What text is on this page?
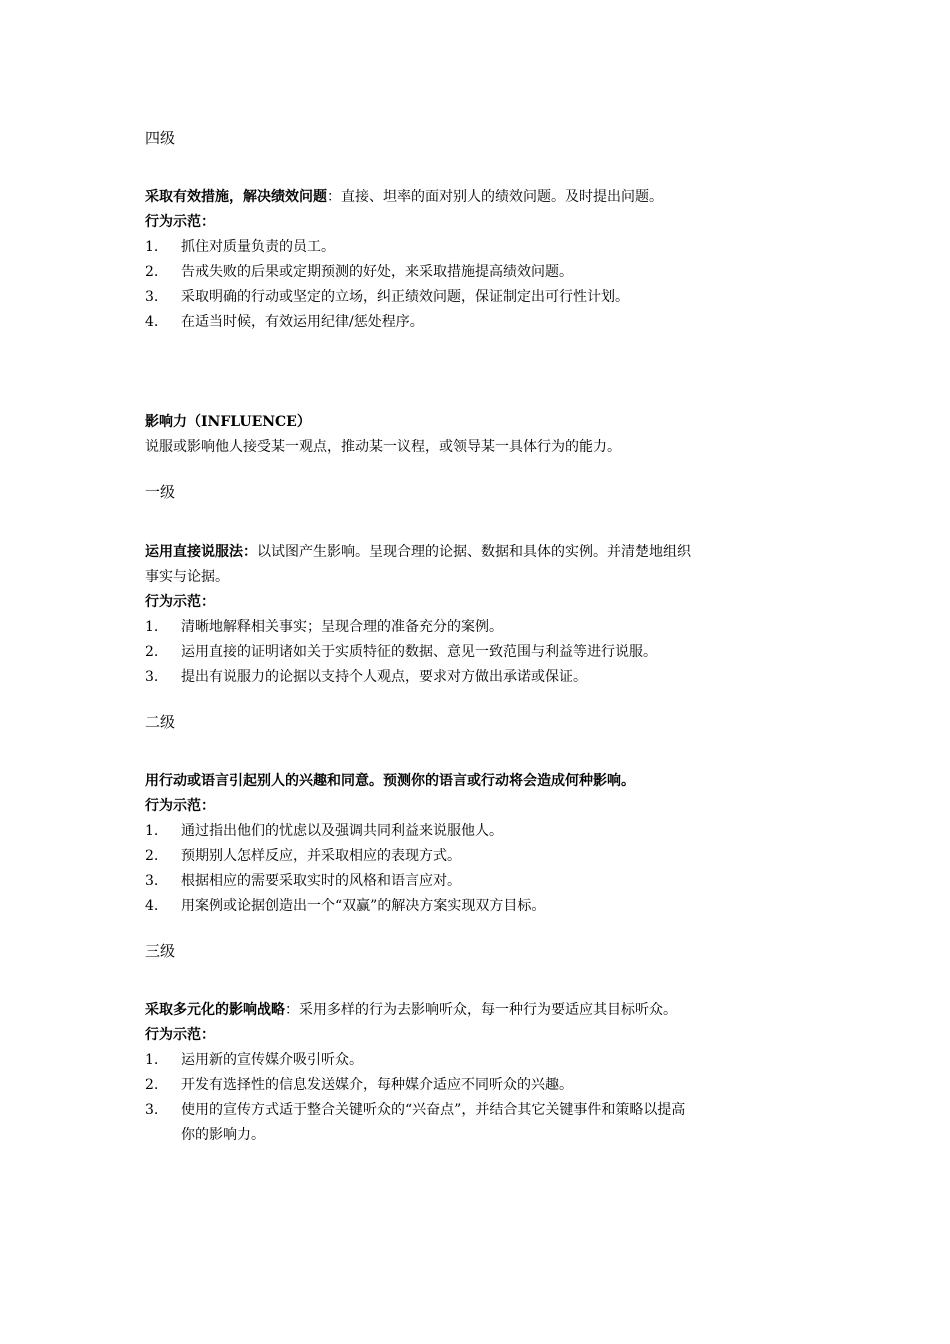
四级
采取有效措施，解决绩效问题：直接、坦率的面对别人的绩效问题。及时提出问题。
行为示范：
1. 抓住对质量负责的员工。
2. 告戒失败的后果或定期预测的好处，来采取措施提高绩效问题。
3. 采取明确的行动或坚定的立场，纠正绩效问题，保证制定出可行性计划。
4. 在适当时候，有效运用纪律/惩处程序。
影响力（INFLUENCE）
说服或影响他人接受某一观点，推动某一议程，或领导某一具体行为的能力。
一级
运用直接说服法：以试图产生影响。呈现合理的论据、数据和具体的实例。并清楚地组织
事实与论据。
行为示范：
1. 清晰地解释相关事实；呈现合理的准备充分的案例。
2. 运用直接的证明诸如关于实质特征的数据、意见一致范围与利益等进行说服。
3. 提出有说服力的论据以支持个人观点，要求对方做出承诺或保证。
二级
用行动或语言引起别人的兴趣和同意。预测你的语言或行动将会造成何种影响。
行为示范：
1. 通过指出他们的忧虑以及强调共同利益来说服他人。
2. 预期别人怎样反应，并采取相应的表现方式。
3. 根据相应的需要采取实时的风格和语言应对。
4. 用案例或论据创造出一个“双赢”的解决方案实现双方目标。
三级
采取多元化的影响战略：采用多样的行为去影响听众，每一种行为要适应其目标听众。
行为示范：
1. 运用新的宣传媒介吸引听众。
2. 开发有选择性的信息发送媒介，每种媒介适应不同听众的兴趣。
3. 使用的宣传方式适于整合关键听众的“兴奋点”，并结合其它关键事件和策略以提高
你的影响力。
